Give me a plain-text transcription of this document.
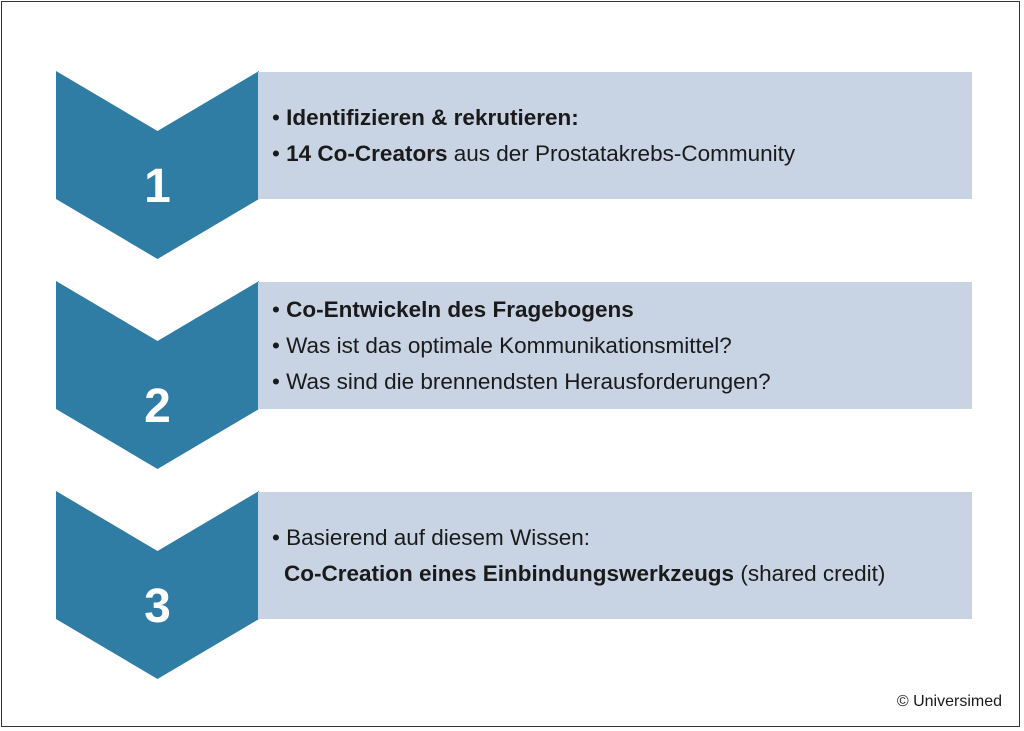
1
• Identifizieren & rekrutieren:
• 14 Co-Creators aus der Prostatakrebs-Community
2
• Co-Entwickeln des Fragebogens
• Was ist das optimale Kommunikationsmittel?
• Was sind die brennendsten Herausforderungen?
3
• Basierend auf diesem Wissen:
Co-Creation eines Einbindungswerkzeugs (shared credit)
© Universimed
